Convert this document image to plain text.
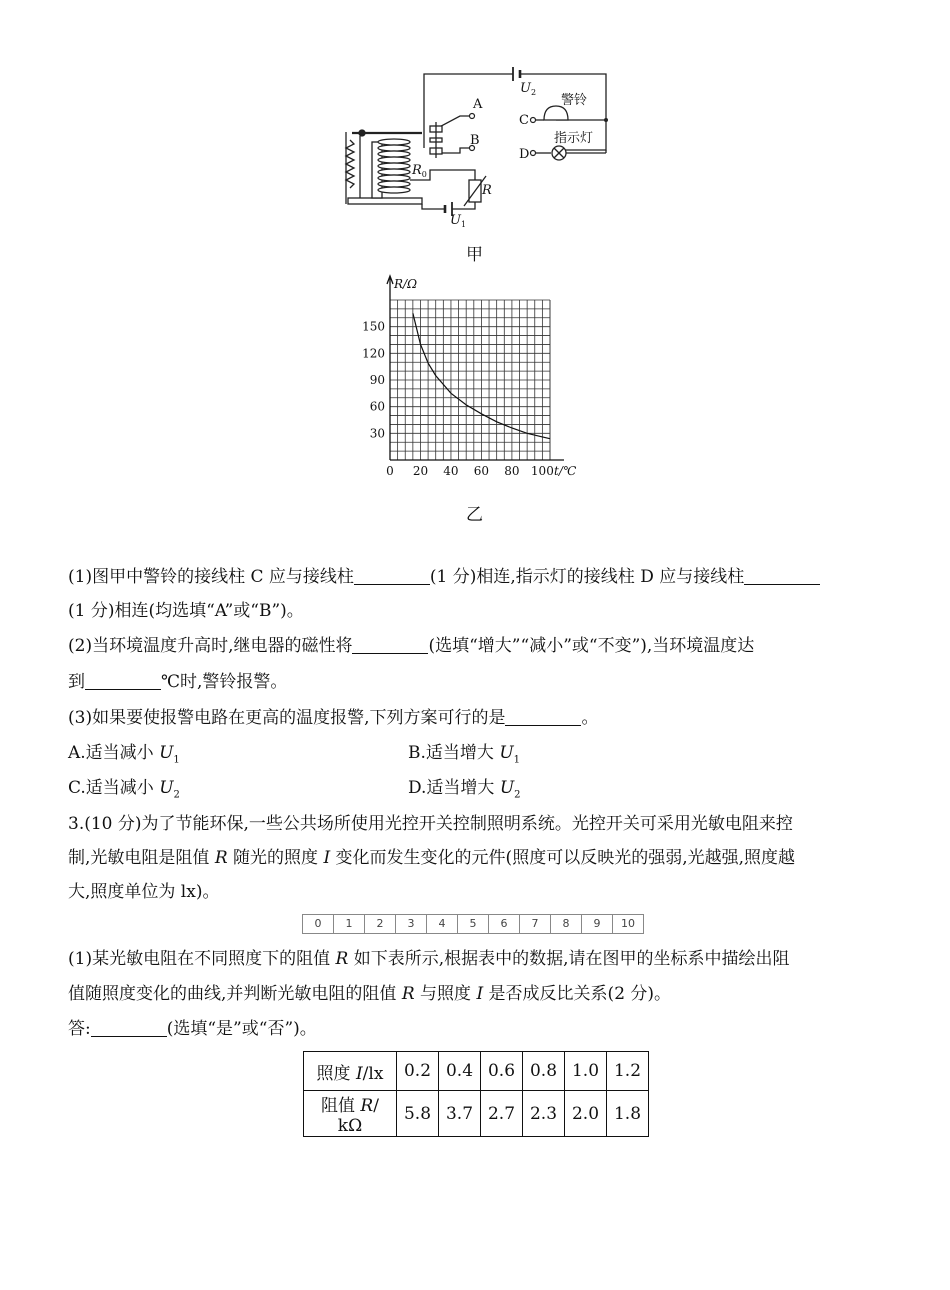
A
B
C
D
警铃
指示灯
$U_2$
$U_1$
$R_0$
R
甲
0 20 40 60 80 100
30
60
90
120
150
t/℃
R/Ω
乙
(1)图甲中警铃的接线柱 C 应与接线柱	(1 分)相连,指示灯的接线柱 D 应与接线柱
(1 分)相连(均选填“A”或“B”)。
(2)当环境温度升高时,继电器的磁性将	(选填“增大”“减小”或“不变”),当环境温度达
到	℃时,警铃报警。
(3)如果要使报警电路在更高的温度报警,下列方案可行的是	。
A.适当减小 $U_1$	B.适当增大 $U_1$
C.适当减小 $U_2$	D.适当增大 $U_2$
3.(10 分)为了节能环保,一些公共场所使用光控开关控制照明系统。光控开关可采用光敏电阻来控
制,光敏电阻是阻值 R 随光的照度 I 变化而发生变化的元件(照度可以反映光的强弱,光越强,照度越
大,照度单位为 lx)。
0	1	2	3	4	5	6	7	8	9	10
(1)某光敏电阻在不同照度下的阻值 R 如下表所示,根据表中的数据,请在图甲的坐标系中描绘出阻
值随照度变化的曲线,并判断光敏电阻的阻值 R 与照度 I 是否成反比关系(2 分)。
答:	(选填“是”或“否”)。
照度 I/lx	0.2	0.4	0.6	0.8	1.0	1.2
阻值 R/ kΩ	5.8	3.7	2.7	2.3	2.0	1.8
